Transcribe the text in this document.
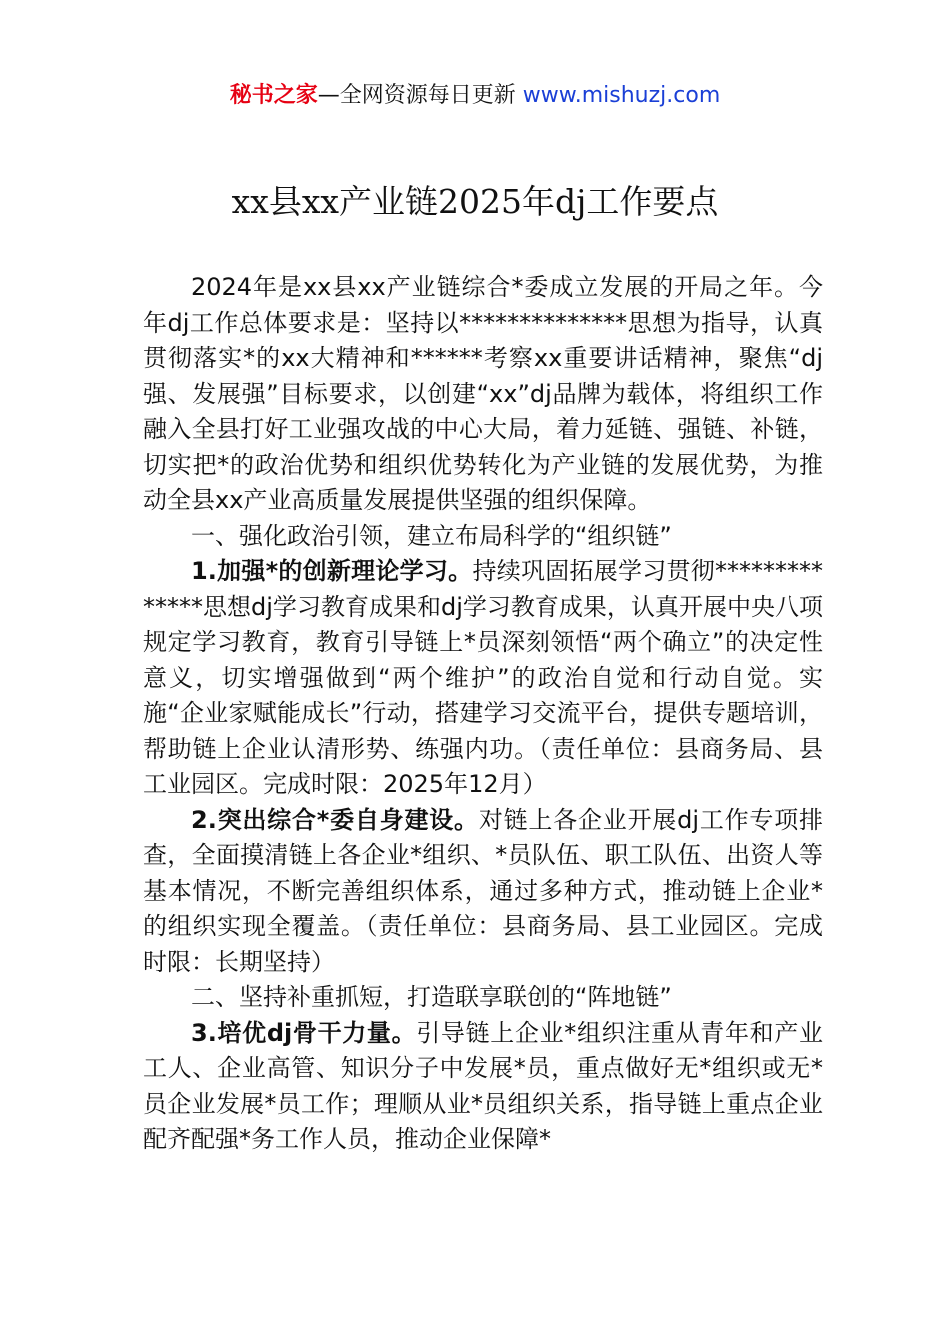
秘书之家—全网资源每日更新 www.mishuzj.com
xx县xx产业链2025年dj工作要点

2024年是xx县xx产业链综合*委成立发展的开局之年。今年dj工作总体要求是：坚持以**************思想为指导，认真贯彻落实*的xx大精神和******考察xx重要讲话精神，聚焦“dj强、发展强”目标要求，以创建“xx”dj品牌为载体，将组织工作融入全县打好工业强攻战的中心大局，着力延链、强链、补链，切实把*的政治优势和组织优势转化为产业链的发展优势，为推动全县xx产业高质量发展提供坚强的组织保障。

一、强化政治引领，建立布局科学的“组织链”

1.加强*的创新理论学习。持续巩固拓展学习贯彻**************思想dj学习教育成果和dj学习教育成果，认真开展中央八项规定学习教育，教育引导链上*员深刻领悟“两个确立”的决定性意义，切实增强做到“两个维护”的政治自觉和行动自觉。实施“企业家赋能成长”行动，搭建学习交流平台，提供专题培训，帮助链上企业认清形势、练强内功。（责任单位：县商务局、县工业园区。完成时限：2025年12月）

2.突出综合*委自身建设。对链上各企业开展dj工作专项排查，全面摸清链上各企业*组织、*员队伍、职工队伍、出资人等基本情况，不断完善组织体系，通过多种方式，推动链上企业*的组织实现全覆盖。（责任单位：县商务局、县工业园区。完成时限：长期坚持）

二、坚持补重抓短，打造联享联创的“阵地链”

3.培优dj骨干力量。引导链上企业*组织注重从青年和产业工人、企业高管、知识分子中发展*员，重点做好无*组织或无*员企业发展*员工作；理顺从业*员组织关系，指导链上重点企业配齐配强*务工作人员，推动企业保障*
